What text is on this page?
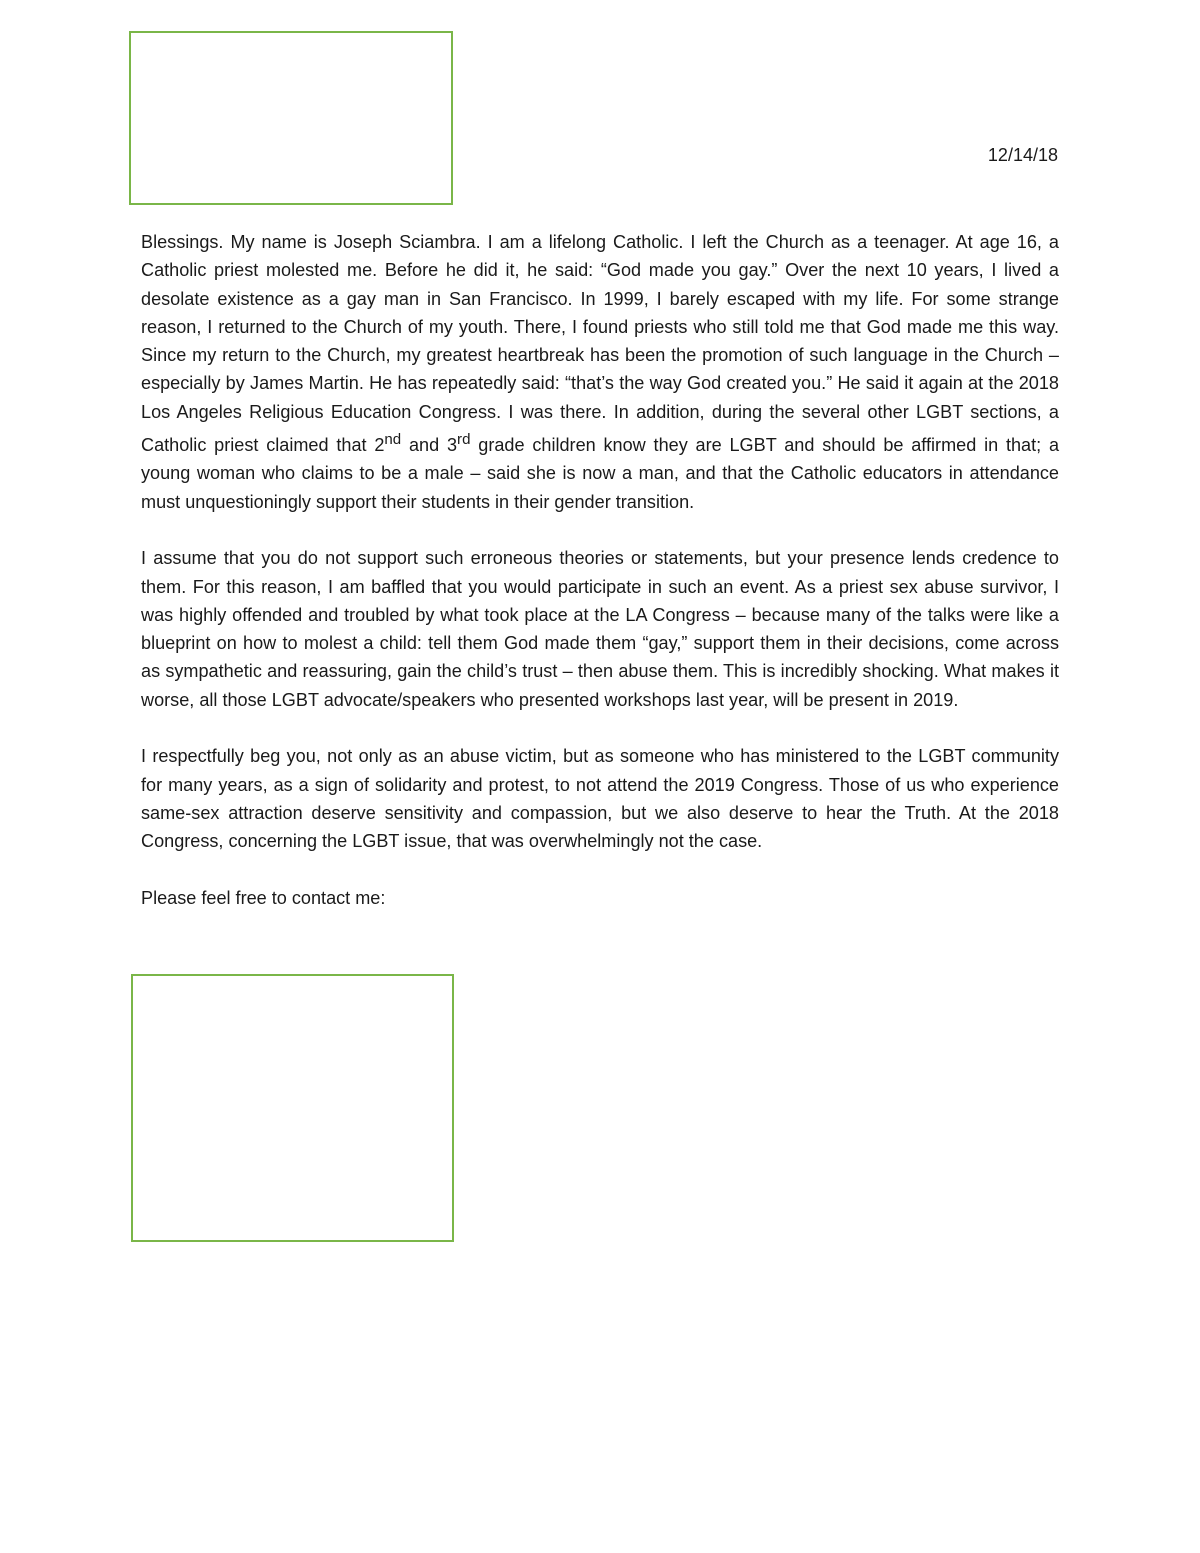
12/14/18

Blessings. My name is Joseph Sciambra. I am a lifelong Catholic. I left the Church as a teenager. At age 16, a Catholic priest molested me. Before he did it, he said: “God made you gay.” Over the next 10 years, I lived a desolate existence as a gay man in San Francisco. In 1999, I barely escaped with my life. For some strange reason, I returned to the Church of my youth. There, I found priests who still told me that God made me this way. Since my return to the Church, my greatest heartbreak has been the promotion of such language in the Church – especially by James Martin. He has repeatedly said: “that’s the way God created you.” He said it again at the 2018 Los Angeles Religious Education Congress. I was there. In addition, during the several other LGBT sections, a Catholic priest claimed that 2nd and 3rd grade children know they are LGBT and should be affirmed in that; a young woman who claims to be a male – said she is now a man, and that the Catholic educators in attendance must unquestioningly support their students in their gender transition.

I assume that you do not support such erroneous theories or statements, but your presence lends credence to them. For this reason, I am baffled that you would participate in such an event. As a priest sex abuse survivor, I was highly offended and troubled by what took place at the LA Congress – because many of the talks were like a blueprint on how to molest a child: tell them God made them “gay,” support them in their decisions, come across as sympathetic and reassuring, gain the child’s trust – then abuse them. This is incredibly shocking. What makes it worse, all those LGBT advocate/speakers who presented workshops last year, will be present in 2019.

I respectfully beg you, not only as an abuse victim, but as someone who has ministered to the LGBT community for many years, as a sign of solidarity and protest, to not attend the 2019 Congress. Those of us who experience same-sex attraction deserve sensitivity and compassion, but we also deserve to hear the Truth. At the 2018 Congress, concerning the LGBT issue, that was overwhelmingly not the case.

Please feel free to contact me:
